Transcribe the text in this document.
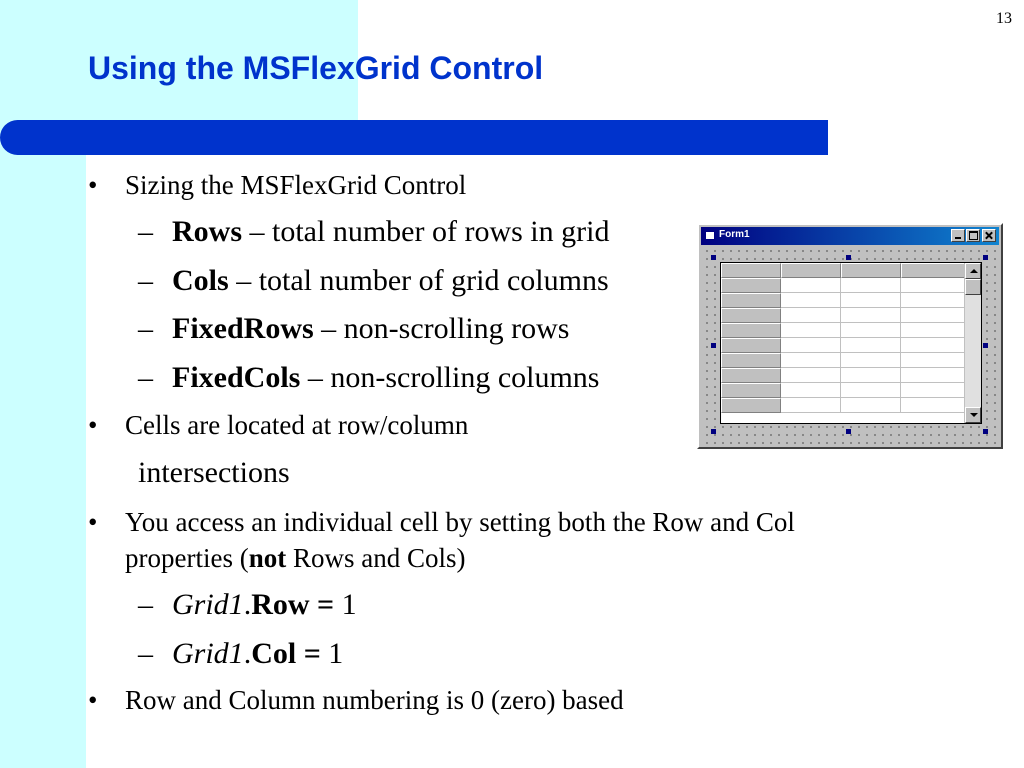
13
Using the MSFlexGrid Control
• Sizing the MSFlexGrid Control
– Rows – total number of rows in grid
– Cols – total number of grid columns
– FixedRows – non-scrolling rows
– FixedCols – non-scrolling columns
• Cells are located at row/column
intersections
• You access an individual cell by setting both the Row and Col
properties (not Rows and Cols)
– Grid1.Row = 1
– Grid1.Col = 1
• Row and Column numbering is 0 (zero) based
Form1
